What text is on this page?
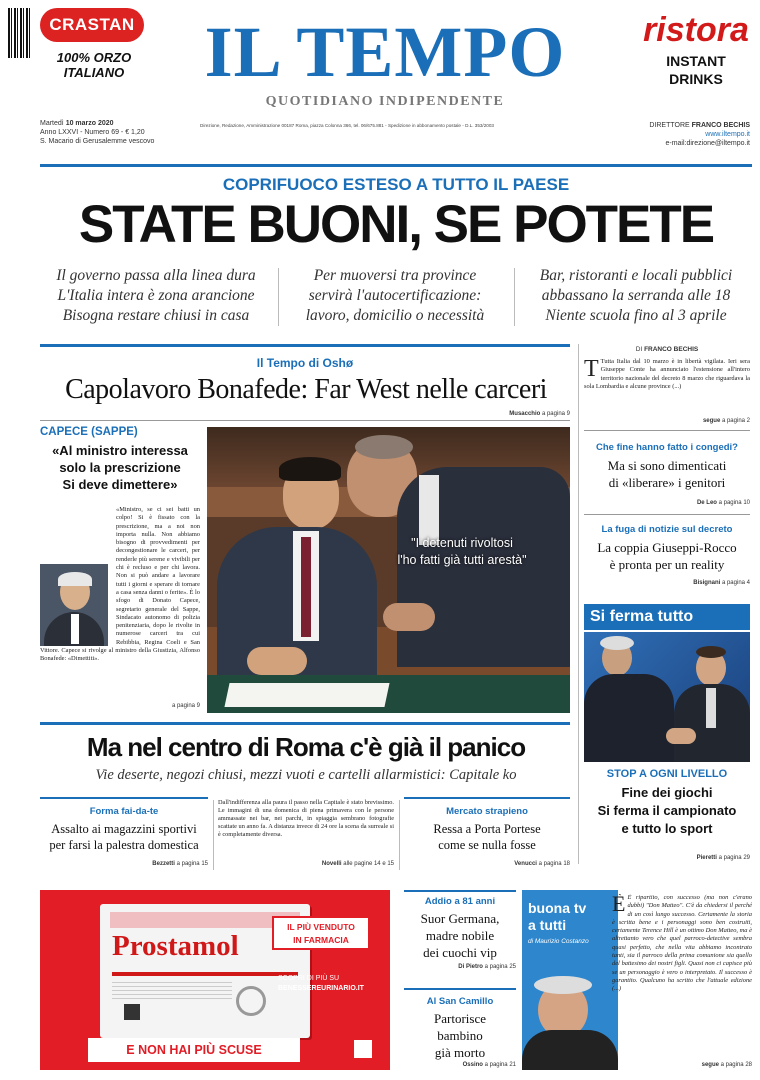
CRASTAN
100% ORZO
ITALIANO	IL TEMPO
QUOTIDIANO INDIPENDENTE
ristora
INSTANT DRINKS
Martedì 10 marzo 2020
Anno LXXVI - Numero 69 - € 1,20
S. Macario di Gerusalemme vescovo
Direzione, Redazione, Amministrazione 00187 Roma, piazza Colonna 366, tel. 06/675.881 - Spedizione in abbonamento postale - D.L. 353/2003	DIRETTORE FRANCO BECHIS
www.iltempo.it
e-mail:direzione@iltempo.it
COPRIFUOCO ESTESO A TUTTO IL PAESE
STATE BUONI, SE POTETE
Il governo passa alla linea dura
L'Italia intera è zona arancione
Bisogna restare chiusi in casa
Per muoversi tra province
servirà l'autocertificazione:
lavoro, domicilio o necessità
Bar, ristoranti e locali pubblici
abbassano la serranda alle 18
Niente scuola fino al 3 aprile
Il Tempo di Oshø
Capolavoro Bonafede: Far West nelle carceri
Musacchio a pagina 9
CAPECE (SAPPE)
«Al ministro interessa
solo la prescrizione
Si deve dimettere»
«Ministro, se ci sei batti un colpo! Si è fissato con la prescrizione, ma a noi non importa nulla. Non abbiamo bisogno di provvedimenti per decongestionare le carceri, per renderle più serene e vivibili per chi è recluso e per chi lavora. Non si può andare a lavorare tutti i giorni e sperare di tornare a casa senza danni o ferite». È lo sfogo di Donato Capece, segretario generale del Sappe, Sindacato autonomo di polizia penitenziaria, dopo le rivolte in numerose carceri tra cui Rebibbia, Regina Coeli e San Vittore. Capece si rivolge al ministro della Giustizia, Alfonso Bonafede: «Dimettiti».
a pagina 9
"I detenuti rivoltosi
l'ho fatti già tutti arestà"
DI FRANCO BECHIS
T Tutta Italia dal 10 marzo è in libertà vigilata. Ieri sera Giuseppe Conte ha annunciato l'estensione all'intero territorio nazionale del decreto 8 marzo che riguardava la sola Lombardia e alcune province (...)
segue a pagina 2
Che fine hanno fatto i congedi?
Ma si sono dimenticati
di «liberare» i genitori
De Leo a pagina 10
La fuga di notizie sul decreto
La coppia Giuseppi-Rocco
è pronta per un reality
Bisignani a pagina 4
Si ferma tutto
STOP A OGNI LIVELLO
Fine dei giochi
Si ferma il campionato
e tutto lo sport
Pieretti a pagina 29
Ma nel centro di Roma c'è già il panico
Vie deserte, negozi chiusi, mezzi vuoti e cartelli allarmistici: Capitale ko
Forma fai-da-te
Assalto ai magazzini sportivi
per farsi la palestra domestica
Bezzetti a pagina 15
Dall'indifferenza alla paura il passo nella Capitale è stato brevissimo. Le immagini di una domenica di piena primavera con le persone ammassate nei bar, nei parchi, in spiaggia sembrano fotografie scattate un anno fa. A distanza invece di 24 ore la scena da surreale si è completamente diversa.
Novelli alle pagine 14 e 15
Mercato strapieno
Ressa a Porta Portese
come se nulla fosse
Venucci a pagina 18
Prostamol
IL PIÙ VENDUTO
IN FARMACIA
SCOPRI DI PIÙ SU
BENESSEREURINARIO.IT
E NON HAI PIÙ SCUSE
Addio a 81 anni
Suor Germana,
madre nobile
dei cuochi vip
Di Pietro a pagina 25
Al San Camillo
Partorisce
bambino
già morto
Ossino a pagina 21
buona tv
a tutti
di Maurizio Costanzo
È È ripartito, con successo (ma non c'erano dubbi) "Don Matteo". C'è da chiedersi il perché di un così lungo successo. Certamente la storia è scritta bene e i personaggi sono ben costruiti, certamente Terence Hill è un ottimo Don Matteo, ma è altrettanto vero che quel parroco-detective sembra quasi perfetto, che nella vita abbiamo incontrato tanti, sia il parroco della prima comunione sia quello del battesimo dei nostri figli. Quasi non ci capisce più se un personaggio è vero o interpretato. Il successo è garantito. Qualcuno ha scritto che l'attuale edizione (...)
segue a pagina 28
